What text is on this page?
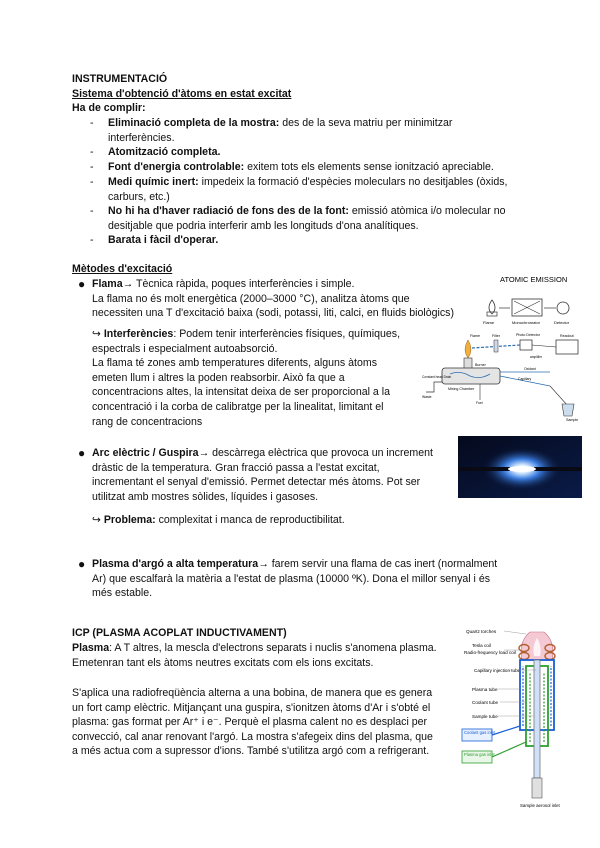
INSTRUMENTACIÓ
Sistema d'obtenció d'àtoms en estat excitat
Ha de complir:
- Eliminació completa de la mostra: des de la seva matriu per minimitzar
interferències.
- Atomització completa.
- Font d'energia controlable: exitem tots els elements sense ionització apreciable.
- Medi químic inert: impedeix la formació d'espècies moleculars no desitjables (òxids,
carburs, etc.)
- No hi ha d'haver radiació de fons des de la font: emissió atòmica i/o molecular no
desitjable que podria interferir amb les longituds d'ona analítiques.
- Barata i fàcil d'operar.
Mètodes d'excitació
● Flama→ Tècnica ràpida, poques interferències i simple.

La flama no és molt energètica (2000–3000 °C), analitza àtoms que

necessiten una T d'excitació baixa (sodi, potassi, liti, calci, en fluids biològics)

↪ Interferències: Podem tenir interferències físiques, químiques,

espectrals i especialment autoabsorció.

La flama té zones amb temperatures diferents, alguns àtoms

emeten llum i altres la poden reabsorbir. Això fa que a

concentracions altes, la intensitat deixa de ser proporcional a la

concentració i la corba de calibratge per la linealitat, limitant el

rang de concentracions

ATOMIC EMISSION
Flame	Monochromator	Detector
Flame	Filter	Photo Detector	Readout
amplifier
Mixing Chamber
Burner
Constant head Drain
Waste
Capillary
Oxidant
Sample
Fuel
● Arc elèctric / Guspira→ descàrrega elèctrica que provoca un increment

dràstic de la temperatura. Gran fracció passa a l'estat excitat,

incrementant el senyal d'emissió. Permet detectar més àtoms. Pot ser

utilitzat amb mostres sòlides, líquides i gasoses.

↪ Problema: complexitat i manca de reproductibilitat.
● Plasma d'argó a alta temperatura→ farem servir una flama de cas inert (normalment

Ar) que escalfarà la matèria a l'estat de plasma (10000 ºK). Dona el millor senyal i és

més estable.

ICP (PLASMA ACOPLAT INDUCTIVAMENT)

Plasma: A T altres, la mescla d'electrons separats i nuclis s'anomena plasma.

Emetenran tant els àtoms neutres excitats com els ions excitats.

S'aplica una radiofreqüència alterna a una bobina, de manera que es genera

un fort camp elèctric. Mitjançant una guspira, s'ionitzen àtoms d'Ar i s'obté el

plasma: gas format per Ar⁺ i e⁻. Perquè el plasma calent no es desplaci per

convecció, cal anar renovant l'argó. La mostra s'afegeix dins del plasma, que

a més actua com a supressor d'ions. També s'utilitza argó com a refrigerant.

Quartz torches
Tesla coil
Radio-frequency load coil
Capillary injection tube
Plasma tube
Coolant tube
Sample tube
Coolant gas inlet
Plasma gas inlet
Sample aerosol inlet
